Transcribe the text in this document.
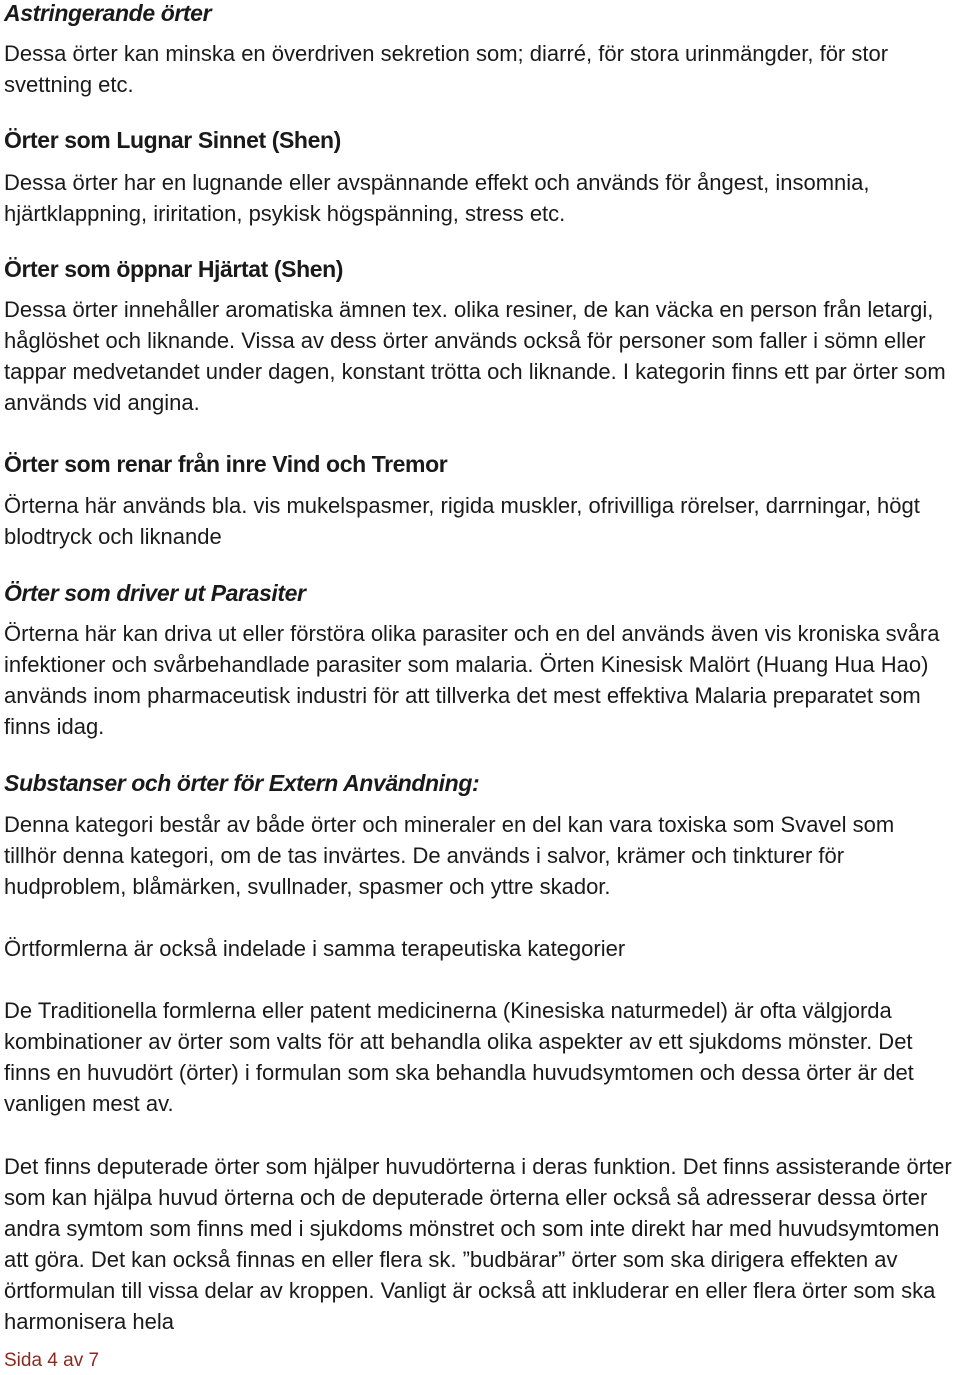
Astringerande örter

Dessa örter kan minska en överdriven sekretion som; diarré, för stora urinmängder, för stor svettning etc.

Örter som Lugnar Sinnet (Shen)

Dessa örter har en lugnande eller avspännande effekt och används för ångest, insomnia, hjärtklappning, iriritation, psykisk högspänning, stress etc.

Örter som öppnar Hjärtat (Shen)

Dessa örter innehåller aromatiska ämnen tex. olika resiner, de kan väcka en person från letargi, håglöshet och liknande. Vissa av dess örter används också för personer som faller i sömn eller tappar medvetandet under dagen, konstant trötta och liknande. I kategorin finns ett par örter som används vid angina.

Örter som renar från inre Vind och Tremor

Örterna här används bla. vis mukelspasmer, rigida muskler, ofrivilliga rörelser, darrningar, högt blodtryck och liknande

Örter som driver ut Parasiter

Örterna här kan driva ut eller förstöra olika parasiter och en del används även vis kroniska svåra infektioner och svårbehandlade parasiter som malaria. Örten Kinesisk Malört (Huang Hua Hao) används inom pharmaceutisk industri för att tillverka det mest effektiva Malaria preparatet som finns idag.

Substanser och örter för Extern Användning:

Denna kategori består av både örter och mineraler en del kan vara toxiska som Svavel som tillhör denna kategori, om de tas invärtes. De används i salvor, krämer och tinkturer för hudproblem, blåmärken, svullnader, spasmer och yttre skador.

Örtformlerna är också indelade i samma terapeutiska kategorier

De Traditionella formlerna eller patent medicinerna (Kinesiska naturmedel) är ofta välgjorda kombinationer av örter som valts för att behandla olika aspekter av ett sjukdoms mönster. Det finns en huvudört (örter) i formulan som ska behandla huvudsymtomen och dessa örter är det vanligen mest av.

Det finns deputerade örter som hjälper huvudörterna i deras funktion. Det finns assisterande örter som kan hjälpa huvud örterna och de deputerade örterna eller också så adresserar dessa örter andra symtom som finns med i sjukdoms mönstret och som inte direkt har med huvudsymtomen att göra. Det kan också finnas en eller flera sk. ”budbärar” örter som ska dirigera effekten av örtformulan till vissa delar av kroppen. Vanligt är också att inkluderar en eller flera örter som ska harmonisera hela

Sida 4 av 7
